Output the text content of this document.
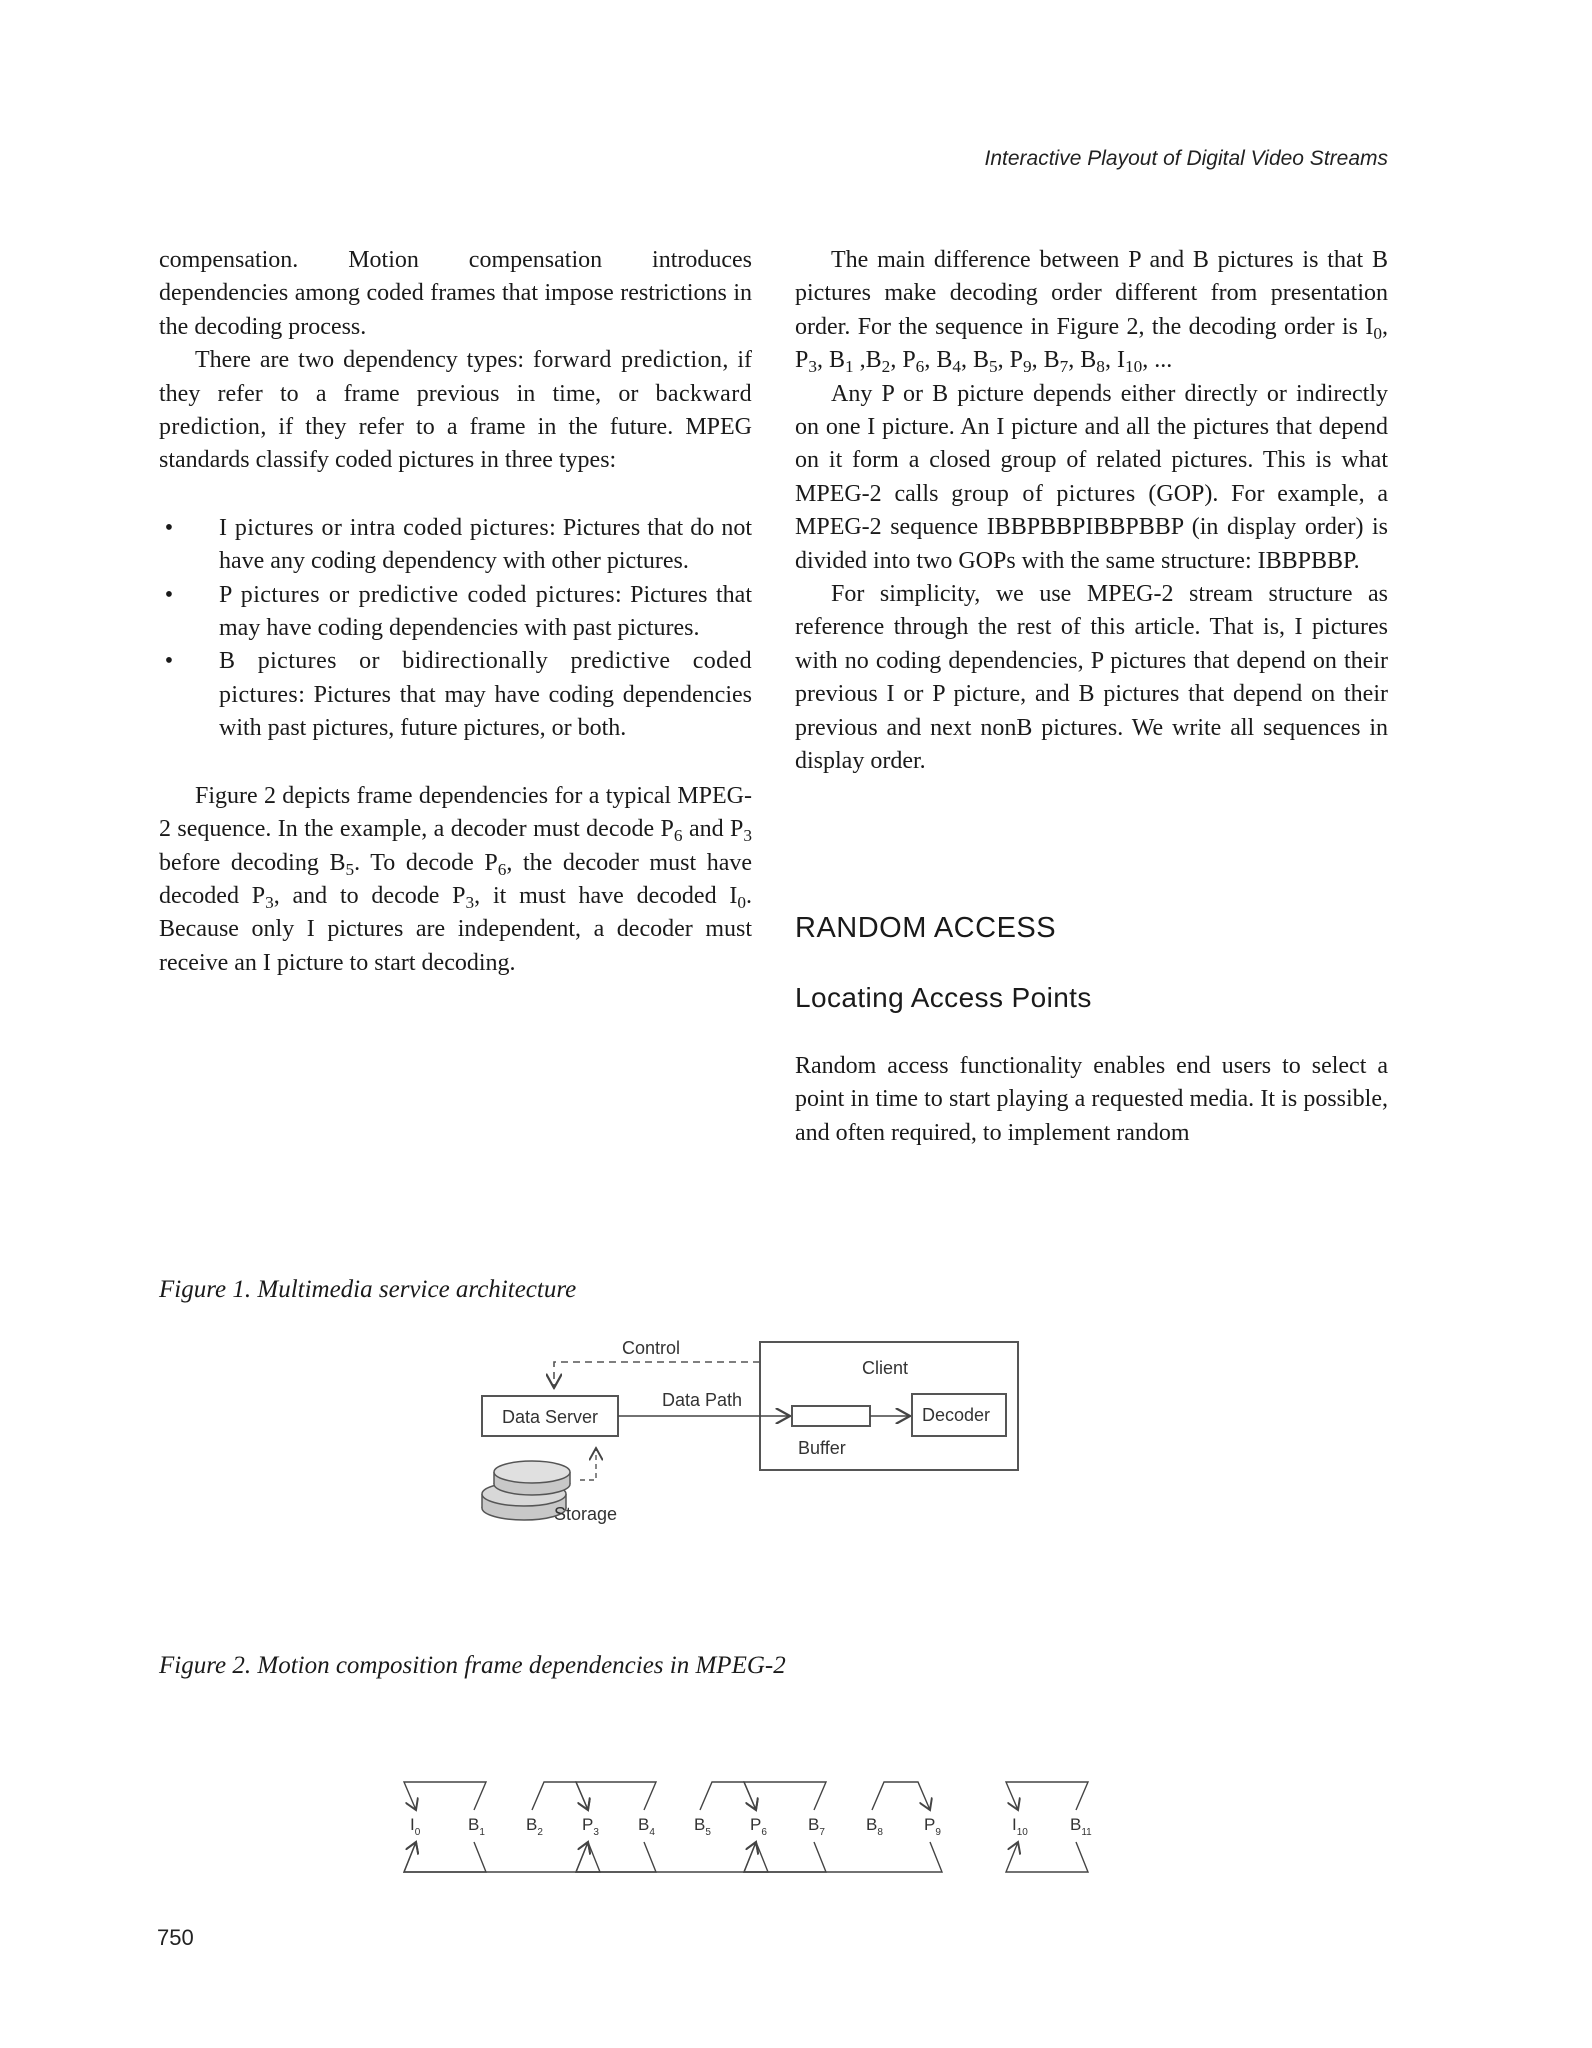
Interactive Playout of Digital Video Streams

compensation. Motion compensation introduces dependencies among coded frames that impose restrictions in the decoding process.

There are two dependency types: forward prediction, if they refer to a frame previous in time, or backward prediction, if they refer to a frame in the future. MPEG standards classify coded pictures in three types:

• I pictures or intra coded pictures: Pictures that do not have any coding dependency with other pictures.
• P pictures or predictive coded pictures: Pictures that may have coding dependencies with past pictures.
• B pictures or bidirectionally predictive coded pictures: Pictures that may have coding dependencies with past pictures, future pictures, or both.

Figure 2 depicts frame dependencies for a typical MPEG-2 sequence. In the example, a decoder must decode $P_6$ and $P_3$ before decoding $B_5$. To decode $P_6$, the decoder must have decoded $P_3$, and to decode $P_3$, it must have decoded $I_0$. Because only I pictures are independent, a decoder must receive an I picture to start decoding.

The main difference between P and B pictures is that B pictures make decoding order different from presentation order. For the sequence in Figure 2, the decoding order is $I_0$, $P_3$, $B_1$ $,B_2$, $P_6$, $B_4$, $B_5$, $P_9$, $B_7$, $B_8$, $I_{10}$, ...

Any P or B picture depends either directly or indirectly on one I picture. An I picture and all the pictures that depend on it form a closed group of related pictures. This is what MPEG-2 calls group of pictures (GOP). For example, a MPEG-2 sequence IBBPBBPIBBPBBP (in display order) is divided into two GOPs with the same structure: IBBPBBP.

For simplicity, we use MPEG-2 stream structure as reference through the rest of this article. That is, I pictures with no coding dependencies, P pictures that depend on their previous I or P picture, and B pictures that depend on their previous and next nonB pictures. We write all sequences in display order.

RANDOM ACCESS
Locating Access Points

Random access functionality enables end users to select a point in time to start playing a requested media. It is possible, and often required, to implement random

Figure 1. Multimedia service architecture
Client
Control
Data Server
Data Path
Buffer
Decoder
Storage
Figure 2. Motion composition frame dependencies in MPEG-2
$I_0$	$B_1$ $B_2$ $P_3$ $B_4$ $B_5$ $P_6$ $B_7$ $B_8$ $P_9$	$I_{10}$ $B_{11}$
750
